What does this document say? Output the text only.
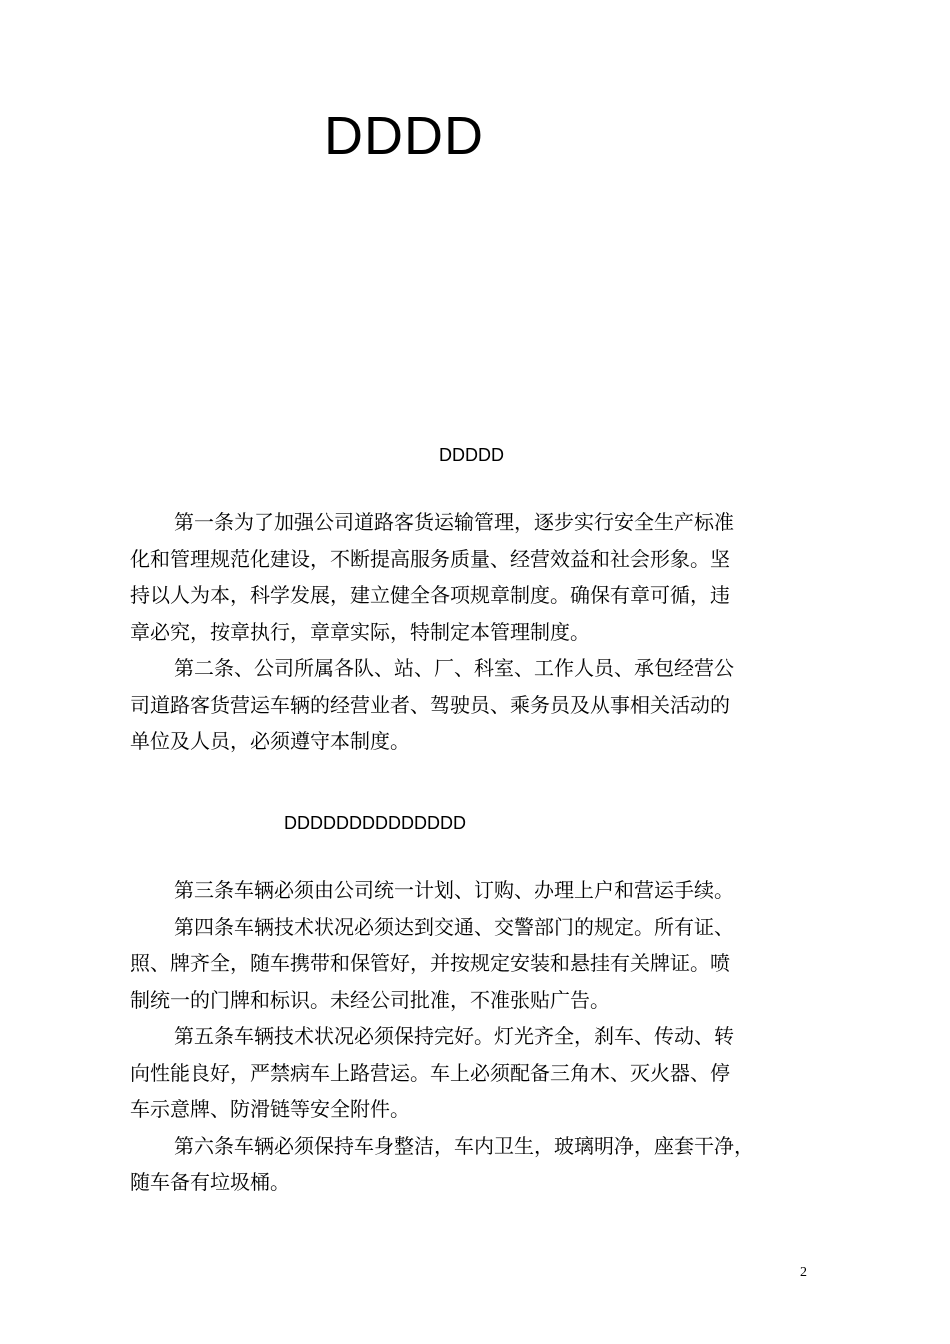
DDDD
DDDDD

第一条为了加强公司道路客货运输管理，逐步实行安全生产标准
化和管理规范化建设，不断提高服务质量、经营效益和社会形象。坚
持以人为本，科学发展，建立健全各项规章制度。确保有章可循，违
章必究，按章执行，章章实际，特制定本管理制度。

第二条、公司所属各队、站、厂、科室、工作人员、承包经营公
司道路客货营运车辆的经营业者、驾驶员、乘务员及从事相关活动的
单位及人员，必须遵守本制度。

DDDDDDDDDDDDDD

第三条车辆必须由公司统一计划、订购、办理上户和营运手续。

第四条车辆技术状况必须达到交通、交警部门的规定。所有证、
照、牌齐全，随车携带和保管好，并按规定安装和悬挂有关牌证。喷
制统一的门牌和标识。未经公司批准，不准张贴广告。

第五条车辆技术状况必须保持完好。灯光齐全，刹车、传动、转
向性能良好，严禁病车上路营运。车上必须配备三角木、灭火器、停
车示意牌、防滑链等安全附件。

第六条车辆必须保持车身整洁，车内卫生，玻璃明净，座套干净，
随车备有垃圾桶。

2
